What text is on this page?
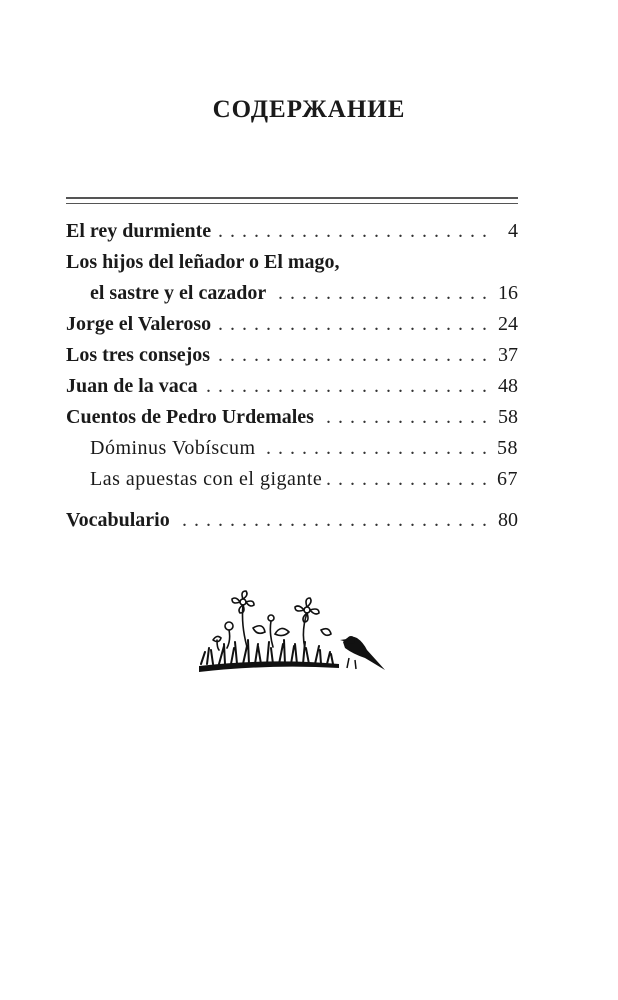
СОДЕРЖАНИЕ
El rey durmiente . . .	4
Los hijos del leñador o El mago,
el sastre y el cazador . . .	16
Jorge el Valeroso . . .	24
Los tres consejos . . .	37
Juan de la vaca . . .	48
Cuentos de Pedro Urdemales . . .	58
Dóminus Vobíscum . . .	58
Las apuestas con el gigante . . .	67
Vocabulario . . .	80
